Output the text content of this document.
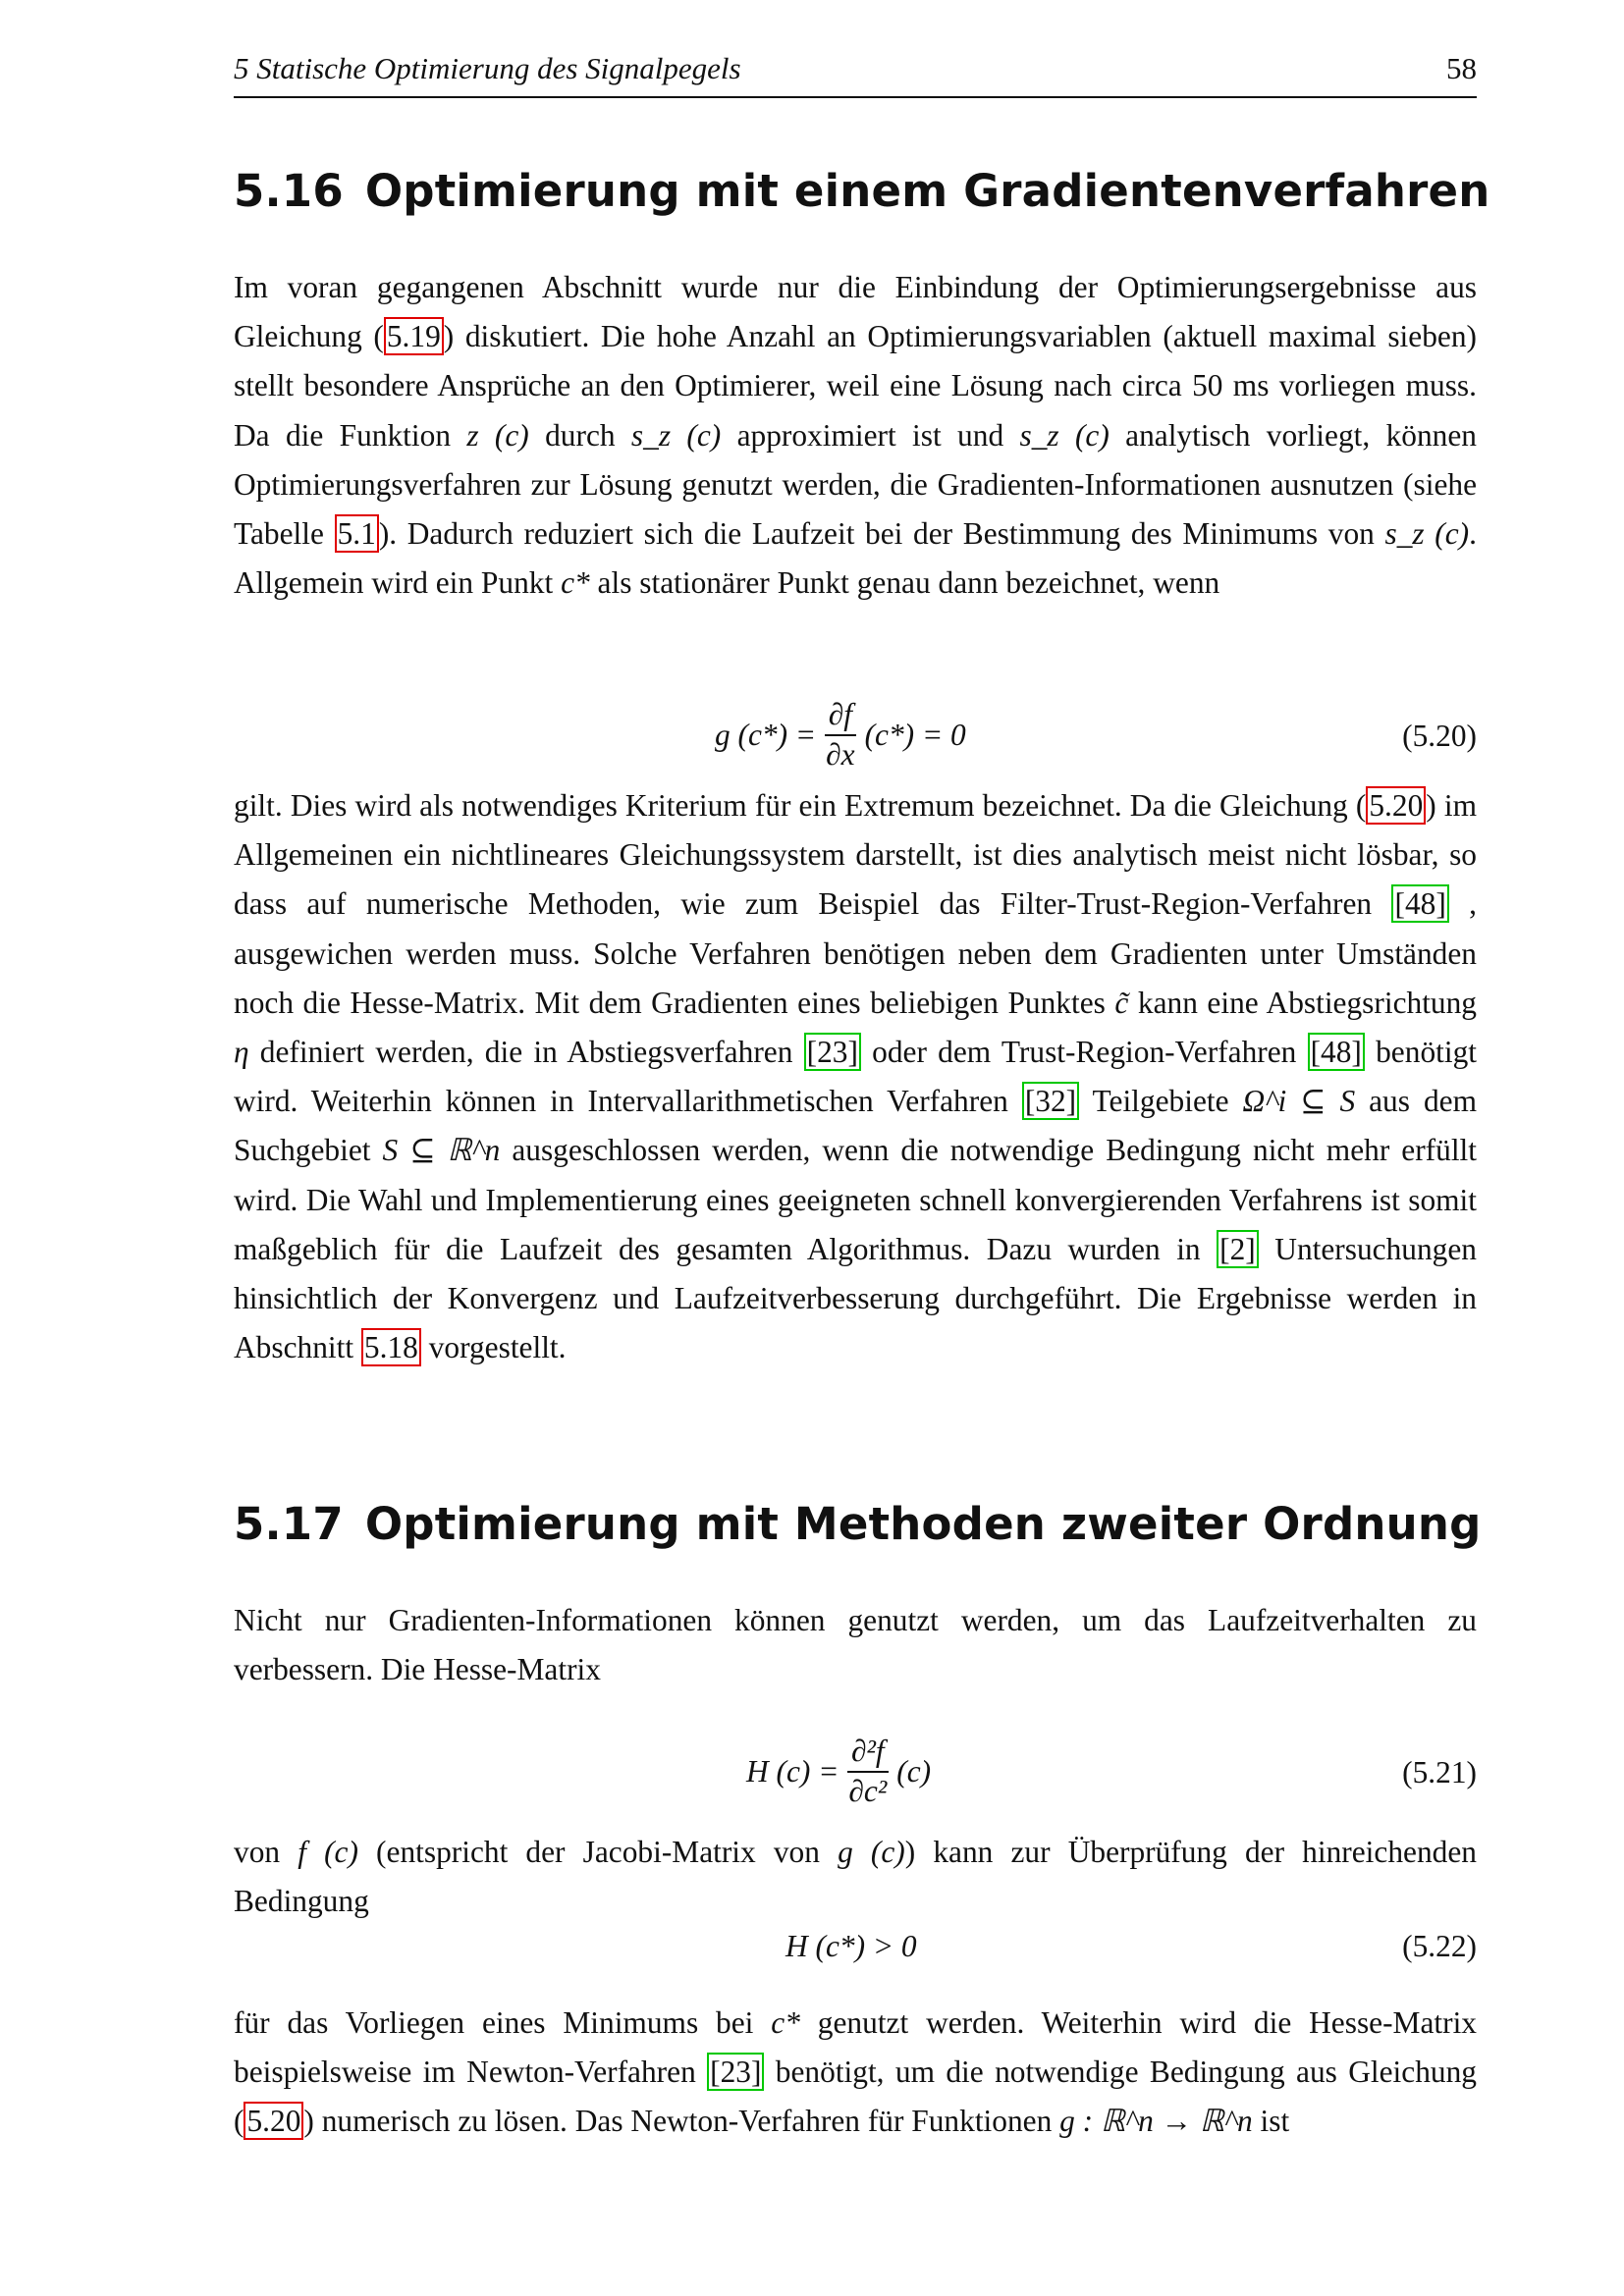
5 Statische Optimierung des Signalpegels	58
5.16 Optimierung mit einem Gradientenverfahren

Im voran gegangenen Abschnitt wurde nur die Einbindung der Optimierungsergebnisse aus Gleichung (5.19) diskutiert. Die hohe Anzahl an Optimierungsvariablen (aktuell maximal sieben) stellt besondere Ansprüche an den Optimierer, weil eine Lösung nach circa 50 ms vorliegen muss. Da die Funktion z (c) durch s_z (c) approximiert ist und s_z (c) analytisch vorliegt, können Optimierungsverfahren zur Lösung genutzt werden, die Gradienten-Informationen ausnutzen (siehe Tabelle 5.1). Dadurch reduziert sich die Laufzeit bei der Bestimmung des Minimums von s_z (c). Allgemein wird ein Punkt c* als stationärer Punkt genau dann bezeichnet, wenn

g $(c*) = \frac{\partial f}{\partial x} (c*) = 0$	(5.20)

gilt. Dies wird als notwendiges Kriterium für ein Extremum bezeichnet. Da die Gleichung (5.20) im Allgemeinen ein nichtlineares Gleichungssystem darstellt, ist dies analytisch meist nicht lösbar, so dass auf numerische Methoden, wie zum Beispiel das Filter-Trust-Region-Verfahren [48] , ausgewichen werden muss. Solche Verfahren benötigen neben dem Gradienten unter Umständen noch die Hesse-Matrix. Mit dem Gradienten eines beliebigen Punktes c̃ kann eine Abstiegsrichtung η definiert werden, die in Abstiegsverfahren [23] oder dem Trust-Region-Verfahren [48] benötigt wird. Weiterhin können in Intervallarithmetischen Verfahren [32] Teilgebiete Ω^i ⊆ S aus dem Suchgebiet S ⊆ ℝ^n ausgeschlossen werden, wenn die notwendige Bedingung nicht mehr erfüllt wird. Die Wahl und Implementierung eines geeigneten schnell konvergierenden Verfahrens ist somit maßgeblich für die Laufzeit des gesamten Algorithmus. Dazu wurden in [2] Untersuchungen hinsichtlich der Konvergenz und Laufzeitverbesserung durchgeführt. Die Ergebnisse werden in Abschnitt 5.18 vorgestellt.

5.17 Optimierung mit Methoden zweiter Ordnung

Nicht nur Gradienten-Informationen können genutzt werden, um das Laufzeitverhalten zu verbessern. Die Hesse-Matrix

H $(c) = \frac{\text{∂²f}}{\text{∂c²}} (c)$	(5.21)

von f (c) (entspricht der Jacobi-Matrix von g (c)) kann zur Überprüfung der hinreichenden Bedingung

H (c*) > 0	(5.22)

für das Vorliegen eines Minimums bei c* genutzt werden. Weiterhin wird die Hesse-Matrix beispielsweise im Newton-Verfahren [23] benötigt, um die notwendige Bedingung aus Gleichung (5.20) numerisch zu lösen. Das Newton-Verfahren für Funktionen g : ℝ^n → ℝ^n ist
